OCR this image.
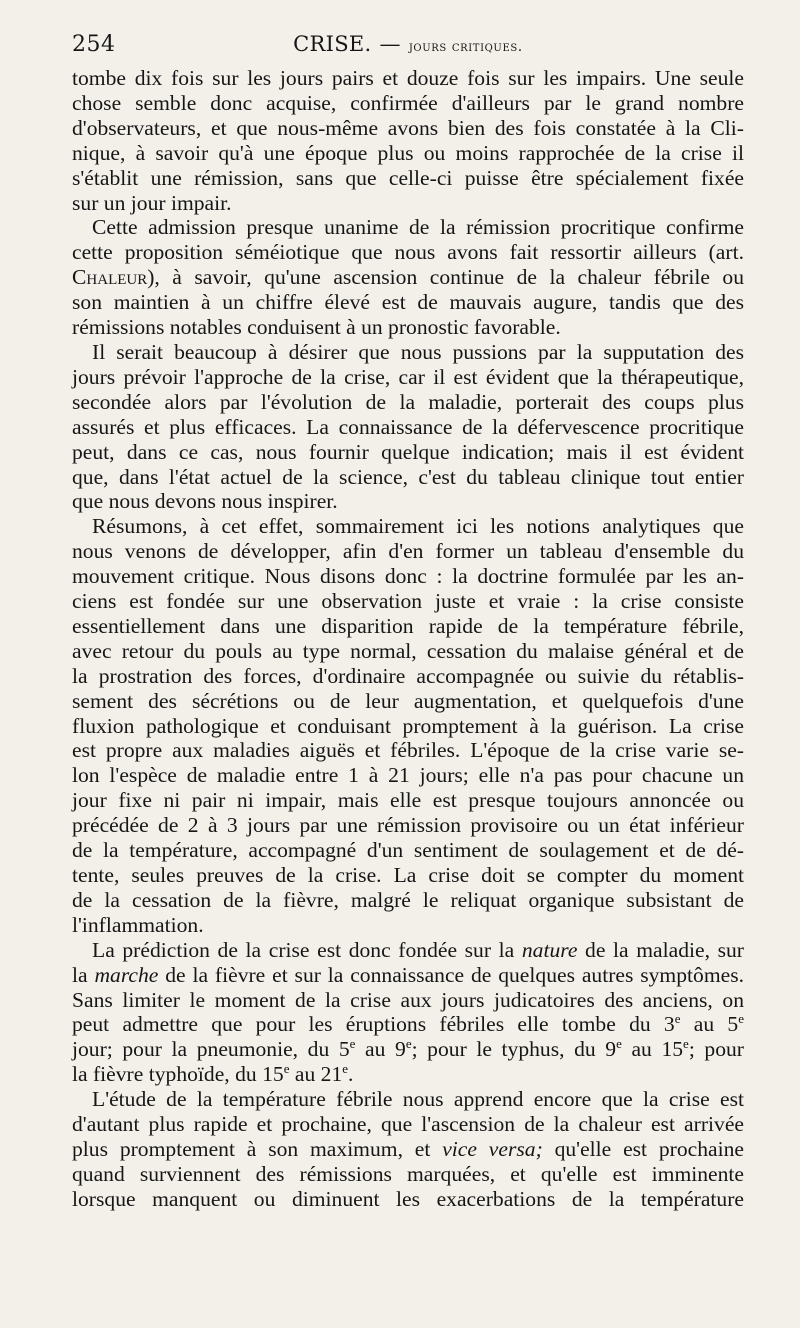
254	CRISE. — jours critiques.
tombe dix fois sur les jours pairs et douze fois sur les impairs. Une seule
chose semble donc acquise, confirmée d'ailleurs par le grand nombre
d'observateurs, et que nous-même avons bien des fois constatée à la Cli-
nique, à savoir qu'à une époque plus ou moins rapprochée de la crise il
s'établit une rémission, sans que celle-ci puisse être spécialement fixée
sur un jour impair.
Cette admission presque unanime de la rémission procritique confirme
cette proposition séméiotique que nous avons fait ressortir ailleurs (art.
Chaleur), à savoir, qu'une ascension continue de la chaleur fébrile ou
son maintien à un chiffre élevé est de mauvais augure, tandis que des
rémissions notables conduisent à un pronostic favorable.
Il serait beaucoup à désirer que nous pussions par la supputation des
jours prévoir l'approche de la crise, car il est évident que la thérapeutique,
secondée alors par l'évolution de la maladie, porterait des coups plus
assurés et plus efficaces. La connaissance de la défervescence procritique
peut, dans ce cas, nous fournir quelque indication; mais il est évident
que, dans l'état actuel de la science, c'est du tableau clinique tout entier
que nous devons nous inspirer.
Résumons, à cet effet, sommairement ici les notions analytiques que
nous venons de développer, afin d'en former un tableau d'ensemble du
mouvement critique. Nous disons donc : la doctrine formulée par les an-
ciens est fondée sur une observation juste et vraie : la crise consiste
essentiellement dans une disparition rapide de la température fébrile,
avec retour du pouls au type normal, cessation du malaise général et de
la prostration des forces, d'ordinaire accompagnée ou suivie du rétablis-
sement des sécrétions ou de leur augmentation, et quelquefois d'une
fluxion pathologique et conduisant promptement à la guérison. La crise
est propre aux maladies aiguës et fébriles. L'époque de la crise varie se-
lon l'espèce de maladie entre 1 à 21 jours; elle n'a pas pour chacune un
jour fixe ni pair ni impair, mais elle est presque toujours annoncée ou
précédée de 2 à 3 jours par une rémission provisoire ou un état inférieur
de la température, accompagné d'un sentiment de soulagement et de dé-
tente, seules preuves de la crise. La crise doit se compter du moment
de la cessation de la fièvre, malgré le reliquat organique subsistant de
l'inflammation.
La prédiction de la crise est donc fondée sur la nature de la maladie, sur
la marche de la fièvre et sur la connaissance de quelques autres symptômes.
Sans limiter le moment de la crise aux jours judicatoires des anciens, on
peut admettre que pour les éruptions fébriles elle tombe du 3e au 5e
jour; pour la pneumonie, du 5e au 9e; pour le typhus, du 9e au 15e; pour
la fièvre typhoïde, du 15e au 21e.
L'étude de la température fébrile nous apprend encore que la crise est
d'autant plus rapide et prochaine, que l'ascension de la chaleur est arrivée
plus promptement à son maximum, et vice versa; qu'elle est prochaine
quand surviennent des rémissions marquées, et qu'elle est imminente
lorsque manquent ou diminuent les exacerbations de la température
